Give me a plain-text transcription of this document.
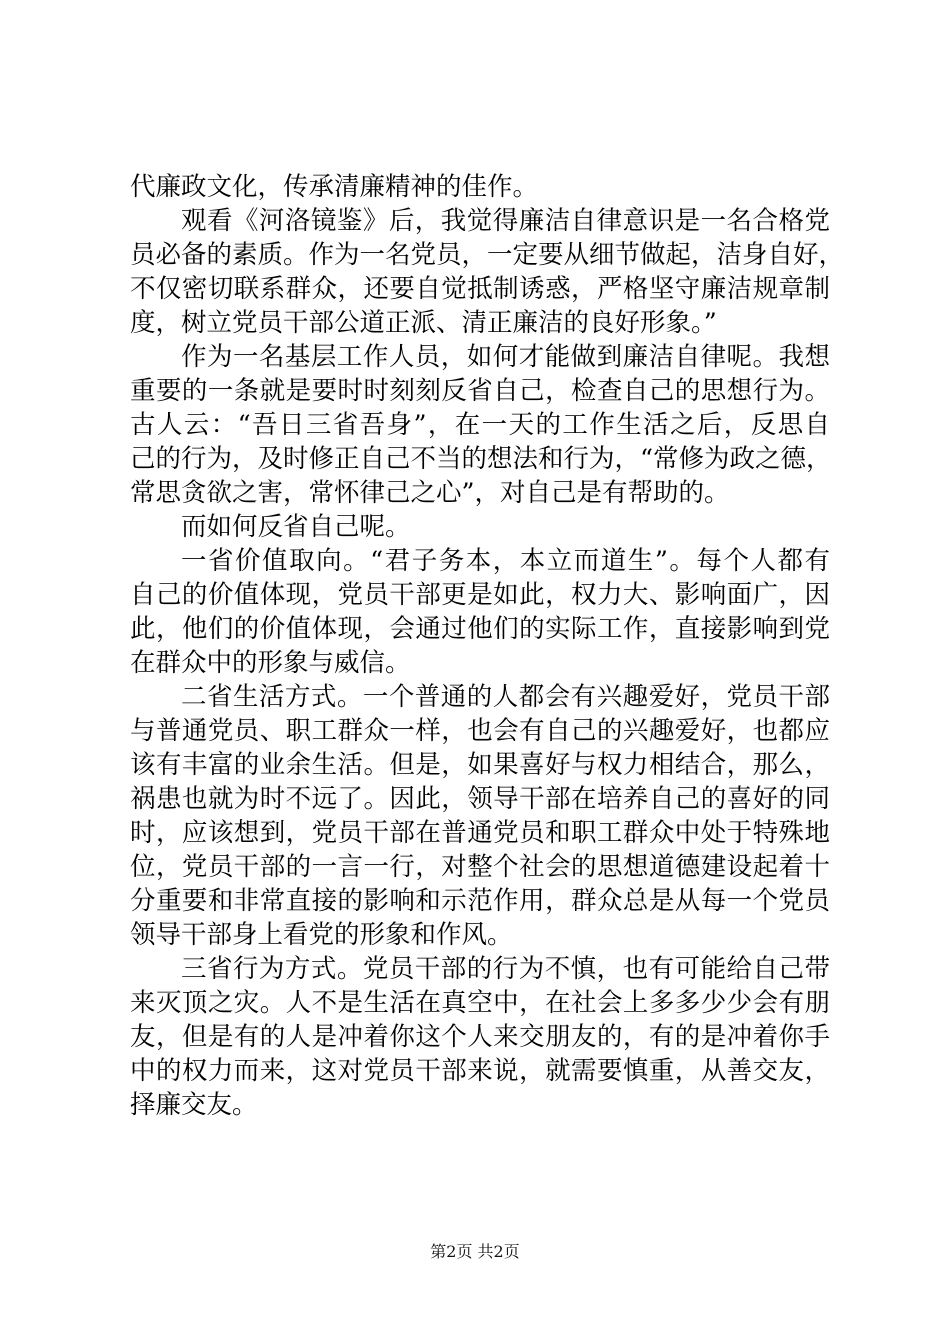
代廉政文化，传承清廉精神的佳作。
观看《河洛镜鉴》后，我觉得廉洁自律意识是一名合格党
员必备的素质。作为一名党员，一定要从细节做起，洁身自好，
不仅密切联系群众，还要自觉抵制诱惑，严格坚守廉洁规章制
度，树立党员干部公道正派、清正廉洁的良好形象。”
作为一名基层工作人员，如何才能做到廉洁自律呢。我想
重要的一条就是要时时刻刻反省自己，检查自己的思想行为。
古人云：“吾日三省吾身”，在一天的工作生活之后，反思自
己的行为，及时修正自己不当的想法和行为，“常修为政之德，
常思贪欲之害，常怀律己之心”，对自己是有帮助的。
而如何反省自己呢。
一省价值取向。“君子务本，本立而道生”。每个人都有
自己的价值体现，党员干部更是如此，权力大、影响面广，因
此，他们的价值体现，会通过他们的实际工作，直接影响到党
在群众中的形象与威信。
二省生活方式。一个普通的人都会有兴趣爱好，党员干部
与普通党员、职工群众一样，也会有自己的兴趣爱好，也都应
该有丰富的业余生活。但是，如果喜好与权力相结合，那么，
祸患也就为时不远了。因此，领导干部在培养自己的喜好的同
时，应该想到，党员干部在普通党员和职工群众中处于特殊地
位，党员干部的一言一行，对整个社会的思想道德建设起着十
分重要和非常直接的影响和示范作用，群众总是从每一个党员
领导干部身上看党的形象和作风。
三省行为方式。党员干部的行为不慎，也有可能给自己带
来灭顶之灾。人不是生活在真空中，在社会上多多少少会有朋
友，但是有的人是冲着你这个人来交朋友的，有的是冲着你手
中的权力而来，这对党员干部来说，就需要慎重，从善交友，
择廉交友。
第2页 共2页
